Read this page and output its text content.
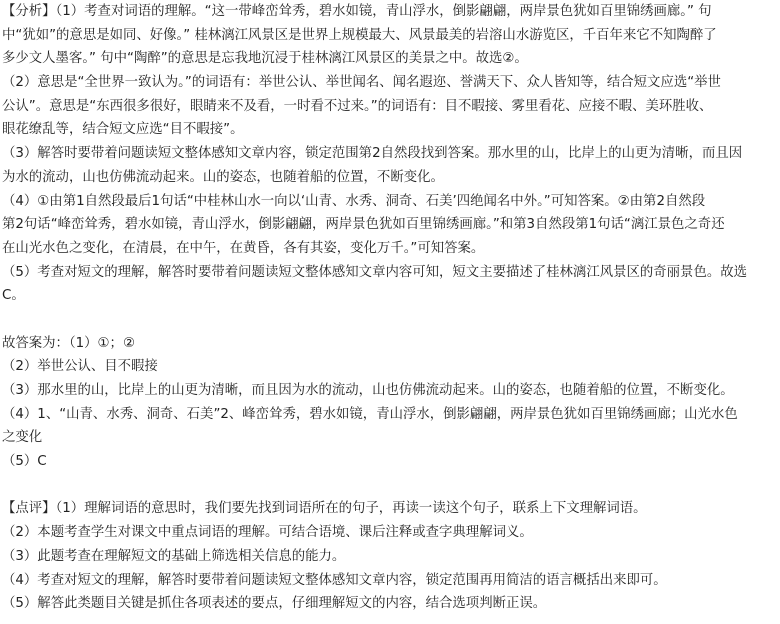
【分析】（1）考查对词语的理解。“这一带峰峦耸秀，碧水如镜，青山浮水，倒影翩翩，两岸景色犹如百里锦绣画廊。” 句
中“犹如”的意思是如同、好像。” 桂林漓江风景区是世界上规模最大、风景最美的岩溶山水游览区，千百年来它不知陶醉了
多少文人墨客。” 句中“陶醉”的意思是忘我地沉浸于桂林漓江风景区的美景之中。故选②。
（2）意思是“全世界一致认为。”的词语有：举世公认、举世闻名、闻名遐迩、誉满天下、众人皆知等，结合短文应选“举世
公认”。意思是“东西很多很好，眼睛来不及看，一时看不过来。”的词语有：目不暇接、雾里看花、应接不暇、美环胜收、
眼花缭乱等，结合短文应选“目不暇接”。
（3）解答时要带着问题读短文整体感知文章内容，锁定范围第2自然段找到答案。那水里的山，比岸上的山更为清晰，而且因
为水的流动，山也仿佛流动起来。山的姿态，也随着船的位置，不断变化。
（4）①由第1自然段最后1句话“中桂林山水一向以‘山青、水秀、洞奇、石美’四绝闻名中外。”可知答案。②由第2自然段
第2句话“峰峦耸秀，碧水如镜，青山浮水，倒影翩翩，两岸景色犹如百里锦绣画廊。”和第3自然段第1句话“漓江景色之奇还
在山光水色之变化，在清晨，在中午，在黄昏，各有其姿，变化万千。”可知答案。
（5）考查对短文的理解，解答时要带着问题读短文整体感知文章内容可知，短文主要描述了桂林漓江风景区的奇丽景色。故选
C。
故答案为：（1）①；②
（2）举世公认、目不暇接
（3）那水里的山，比岸上的山更为清晰，而且因为水的流动，山也仿佛流动起来。山的姿态，也随着船的位置，不断变化。
（4）1、“山青、水秀、洞奇、石美”2、峰峦耸秀，碧水如镜，青山浮水，倒影翩翩，两岸景色犹如百里锦绣画廊；山光水色
之变化
（5）C
【点评】（1）理解词语的意思时，我们要先找到词语所在的句子，再读一读这个句子，联系上下文理解词语。
（2）本题考查学生对课文中重点词语的理解。可结合语境、课后注释或查字典理解词义。
（3）此题考查在理解短文的基础上筛选相关信息的能力。
（4）考查对短文的理解，解答时要带着问题读短文整体感知文章内容，锁定范围再用简洁的语言概括出来即可。
（5）解答此类题目关键是抓住各项表述的要点，仔细理解短文的内容，结合选项判断正误。
